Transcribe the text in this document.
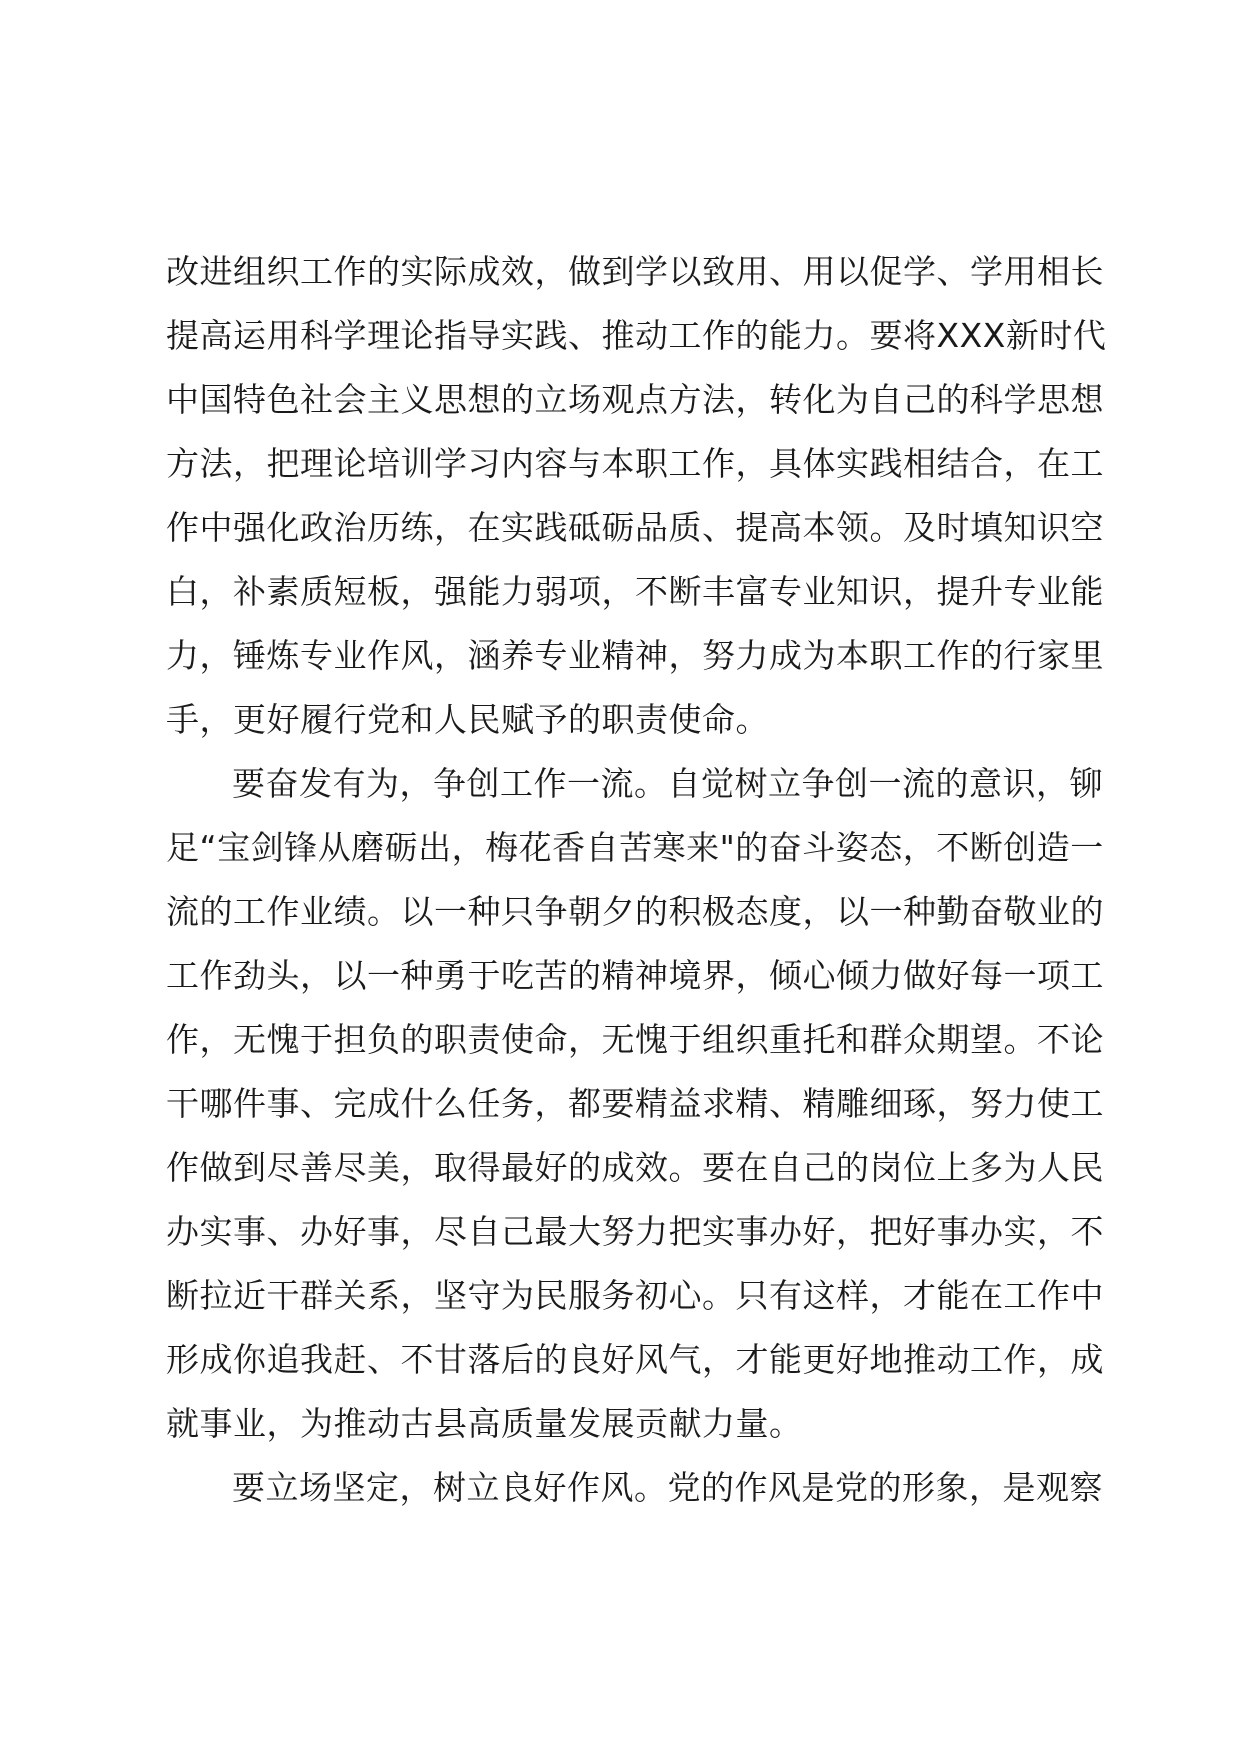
改进组织工作的实际成效，做到学以致用、用以促学、学用相长
提高运用科学理论指导实践、推动工作的能力。要将XXX新时代
中国特色社会主义思想的立场观点方法，转化为自己的科学思想
方法，把理论培训学习内容与本职工作，具体实践相结合，在工
作中强化政治历练，在实践砥砺品质、提高本领。及时填知识空
白，补素质短板，强能力弱项，不断丰富专业知识，提升专业能
力，锤炼专业作风，涵养专业精神，努力成为本职工作的行家里
手，更好履行党和人民赋予的职责使命。
要奋发有为，争创工作一流。自觉树立争创一流的意识，铆
足“宝剑锋从磨砺出，梅花香自苦寒来"的奋斗姿态，不断创造一
流的工作业绩。以一种只争朝夕的积极态度，以一种勤奋敬业的
工作劲头，以一种勇于吃苦的精神境界，倾心倾力做好每一项工
作，无愧于担负的职责使命，无愧于组织重托和群众期望。不论
干哪件事、完成什么任务，都要精益求精、精雕细琢，努力使工
作做到尽善尽美，取得最好的成效。要在自己的岗位上多为人民
办实事、办好事，尽自己最大努力把实事办好，把好事办实，不
断拉近干群关系，坚守为民服务初心。只有这样，才能在工作中
形成你追我赶、不甘落后的良好风气，才能更好地推动工作，成
就事业，为推动古县高质量发展贡献力量。
要立场坚定，树立良好作风。党的作风是党的形象，是观察
